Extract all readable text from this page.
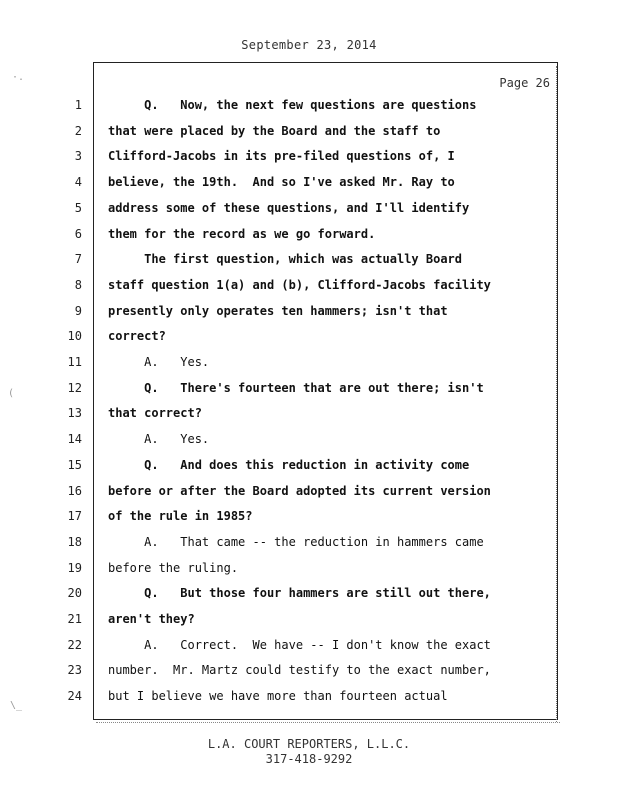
September 23, 2014
Page 26
1 Q.   Now, the next few questions are questions
2 that were placed by the Board and the staff to
3 Clifford-Jacobs in its pre-filed questions of, I
4 believe, the 19th.  And so I've asked Mr. Ray to
5 address some of these questions, and I'll identify
6 them for the record as we go forward.
7 The first question, which was actually Board
8 staff question 1(a) and (b), Clifford-Jacobs facility
9 presently only operates ten hammers; isn't that
10 correct?
11 A.   Yes.
12 Q.   There's fourteen that are out there; isn't
13 that correct?
14 A.   Yes.
15 Q.   And does this reduction in activity come
16 before or after the Board adopted its current version
17 of the rule in 1985?
18 A.   That came -- the reduction in hammers came
19 before the ruling.
20 Q.   But those four hammers are still out there,
21 aren't they?
22 A.   Correct.  We have -- I don't know the exact
23 number.  Mr. Martz could testify to the exact number,
24 but I believe we have more than fourteen actual
L.A. COURT REPORTERS, L.L.C.
317-418-9292
·.
(
\_
